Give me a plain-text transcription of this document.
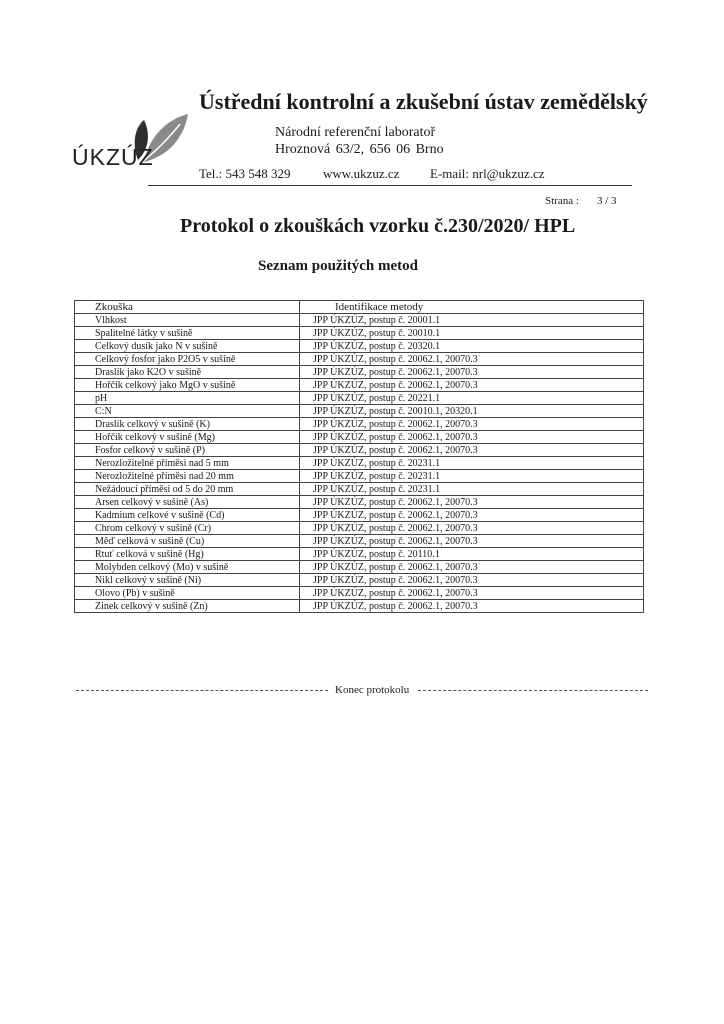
ÚKZÚZ
Ústřední kontrolní a zkušební ústav zemědělský
Národní referenční laboratoř
Hroznová 63/2, 656 06 Brno
Tel.: 543 548 329 www.ukzuz.cz E-mail: nrl@ukzuz.cz
Strana : 3 / 3
Protokol o zkouškách vzorku č.230/2020/ HPL
Seznam použitých metod
Zkouška	Identifikace metody
Vlhkost	JPP ÚKZÚZ, postup č. 20001.1
Spalitelné látky v sušině	JPP ÚKZÚZ, postup č. 20010.1
Celkový dusík jako N v sušině	JPP ÚKZÚZ, postup č. 20320.1
Celkový fosfor jako P2O5 v sušině	JPP ÚKZÚZ, postup č. 20062.1, 20070.3
Draslík jako K2O v sušině	JPP ÚKZÚZ, postup č. 20062.1, 20070.3
Hořčík celkový jako MgO v sušině	JPP ÚKZÚZ, postup č. 20062.1, 20070.3
pH	JPP ÚKZÚZ, postup č. 20221.1
C:N	JPP ÚKZÚZ, postup č. 20010.1, 20320.1
Draslík celkový v sušině (K)	JPP ÚKZÚZ, postup č. 20062.1, 20070.3
Hořčík celkový v sušině (Mg)	JPP ÚKZÚZ, postup č. 20062.1, 20070.3
Fosfor celkový v sušině (P)	JPP ÚKZÚZ, postup č. 20062.1, 20070.3
Nerozložitelné příměsi nad 5 mm	JPP ÚKZÚZ, postup č. 20231.1
Nerozložitelné příměsi nad 20 mm	JPP ÚKZÚZ, postup č. 20231.1
Nežádoucí příměsi od 5 do 20 mm	JPP ÚKZÚZ, postup č. 20231.1
Arsen celkový v sušině (As)	JPP ÚKZÚZ, postup č. 20062.1, 20070.3
Kadmium celkové v sušině (Cd)	JPP ÚKZÚZ, postup č. 20062.1, 20070.3
Chrom celkový v sušině (Cr)	JPP ÚKZÚZ, postup č. 20062.1, 20070.3
Měď celková v sušině (Cu)	JPP ÚKZÚZ, postup č. 20062.1, 20070.3
Rtuť celková v sušině (Hg)	JPP ÚKZÚZ, postup č. 20110.1
Molybden celkový (Mo) v sušině	JPP ÚKZÚZ, postup č. 20062.1, 20070.3
Nikl celkový v sušině (Ni)	JPP ÚKZÚZ, postup č. 20062.1, 20070.3
Olovo (Pb) v sušině	JPP ÚKZÚZ, postup č. 20062.1, 20070.3
Zinek celkový v sušině (Zn)	JPP ÚKZÚZ, postup č. 20062.1, 20070.3
Konec protokolu
